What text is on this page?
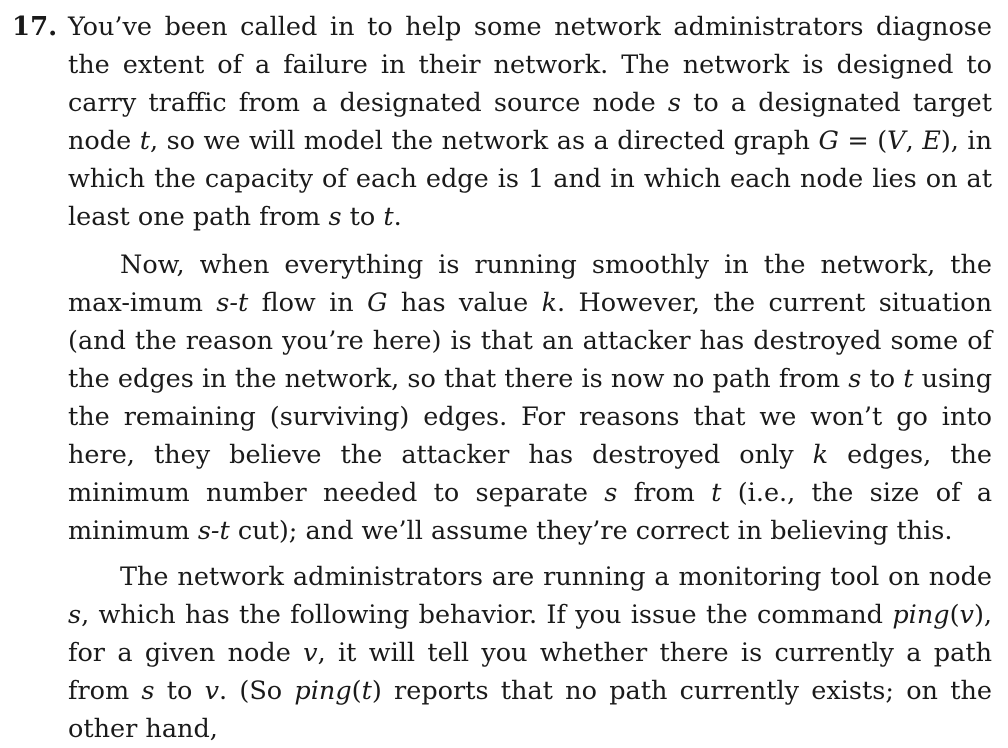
17. You’ve been called in to help some network administrators diagnose the extent of a failure in their network. The network is designed to carry traffic from a designated source node s to a designated target node t, so we will model the network as a directed graph G = (V, E), in which the capacity of each edge is 1 and in which each node lies on at least one path from s to t.
Now, when everything is running smoothly in the network, the max-imum s-t flow in G has value k. However, the current situation (and the reason you’re here) is that an attacker has destroyed some of the edges in the network, so that there is now no path from s to t using the remaining (surviving) edges. For reasons that we won’t go into here, they believe the attacker has destroyed only k edges, the minimum number needed to separate s from t (i.e., the size of a minimum s-t cut); and we’ll assume they’re correct in believing this.
The network administrators are running a monitoring tool on node s, which has the following behavior. If you issue the command ping(v), for a given node v, it will tell you whether there is currently a path from s to v. (So ping(t) reports that no path currently exists; on the other hand,
